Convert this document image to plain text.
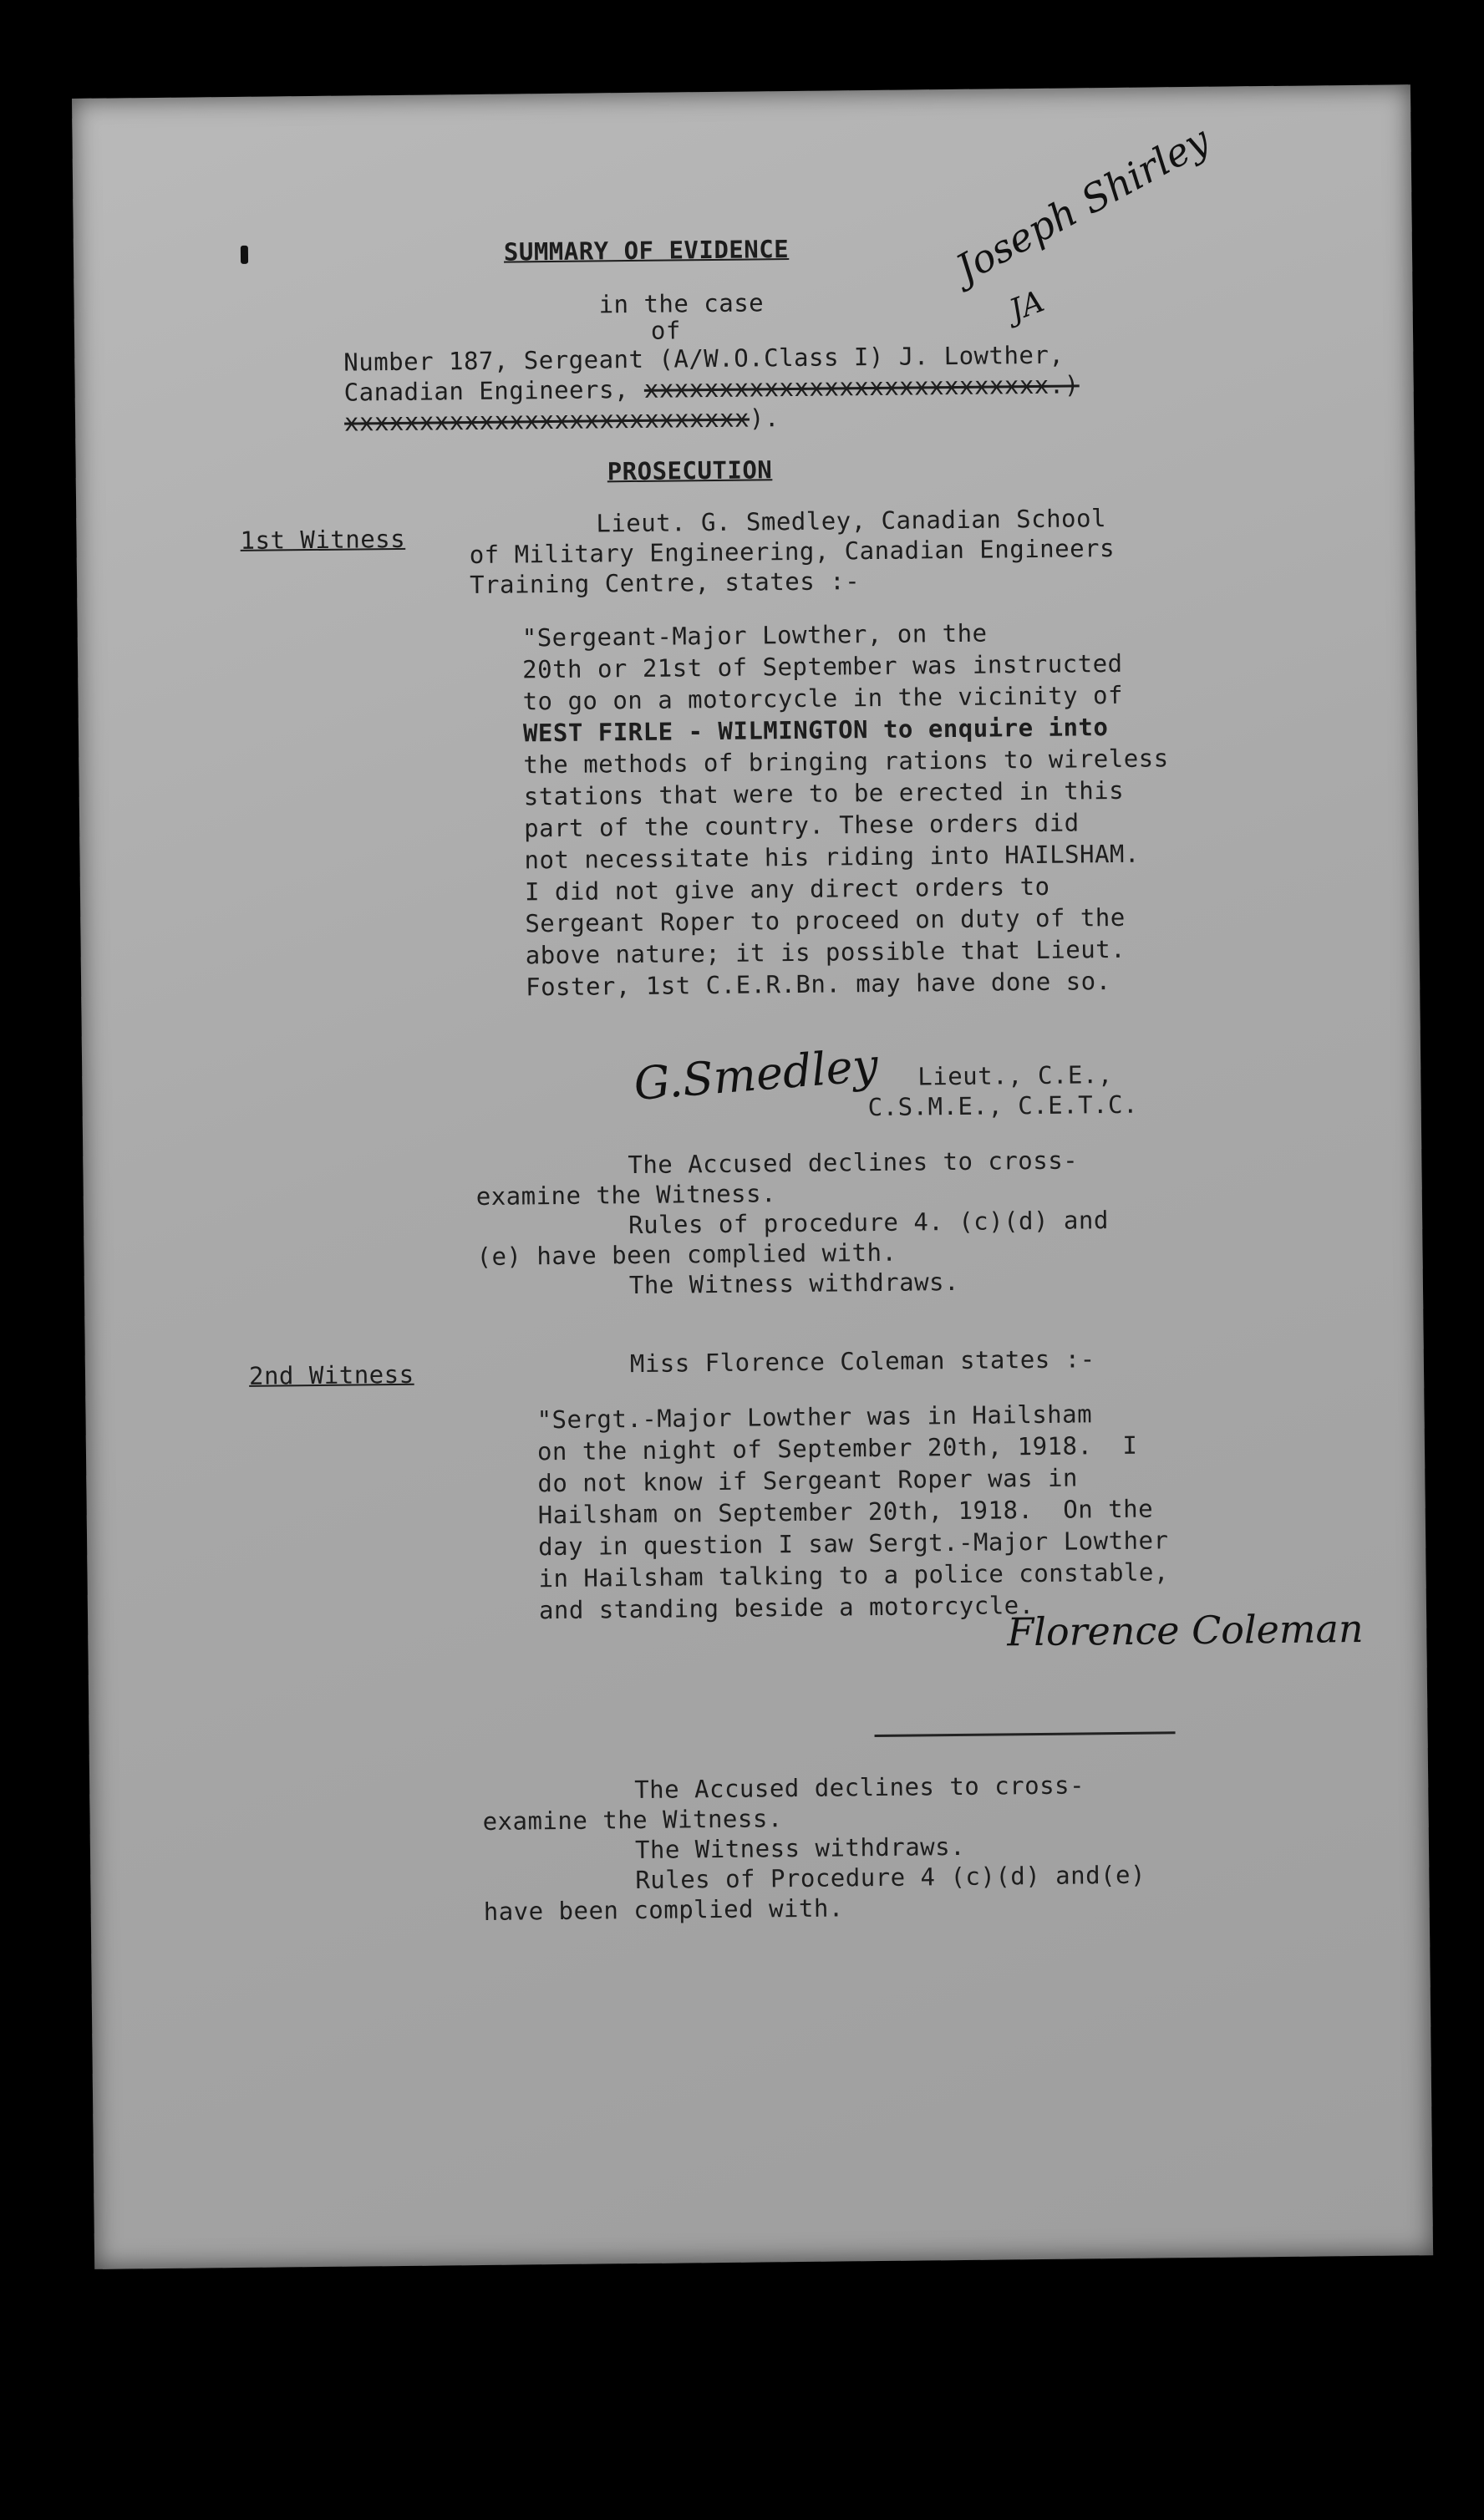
SUMMARY OF EVIDENCE
in the case
of
Number 187, Sergeant (A/W.O.Class I) J. Lowther,
Canadian Engineers, xxxxxxxxxxxxxxxxxxxxxxxxxxx.)
xxxxxxxxxxxxxxxxxxxxxxxxxxx).
Joseph Shirley
JA
PROSECUTION
1st Witness
Lieut. G. Smedley, Canadian School
of Military Engineering, Canadian Engineers
Training Centre, states :-
"Sergeant-Major Lowther, on the
20th or 21st of September was instructed
to go on a motorcycle in the vicinity of
WEST FIRLE - WILMINGTON to enquire into
the methods of bringing rations to wireless
stations that were to be erected in this
part of the country. These orders did
not necessitate his riding into HAILSHAM.
I did not give any direct orders to
Sergeant Roper to proceed on duty of the
above nature; it is possible that Lieut.
Foster, 1st C.E.R.Bn. may have done so.
G.Smedley Lieut., C.E.,
C.S.M.E., C.E.T.C.
The Accused declines to cross-
examine the Witness.
Rules of procedure 4. (c)(d) and
(e) have been complied with.
The Witness withdraws.
2nd Witness	Miss Florence Coleman states :-
"Sergt.-Major Lowther was in Hailsham
on the night of September 20th, 1918.  I
do not know if Sergeant Roper was in
Hailsham on September 20th, 1918.  On the
day in question I saw Sergt.-Major Lowther
in Hailsham talking to a police constable,
and standing beside a motorcycle.
Florence Coleman
The Accused declines to cross-
examine the Witness.
The Witness withdraws.
Rules of Procedure 4 (c)(d) and(e)
have been complied with.
